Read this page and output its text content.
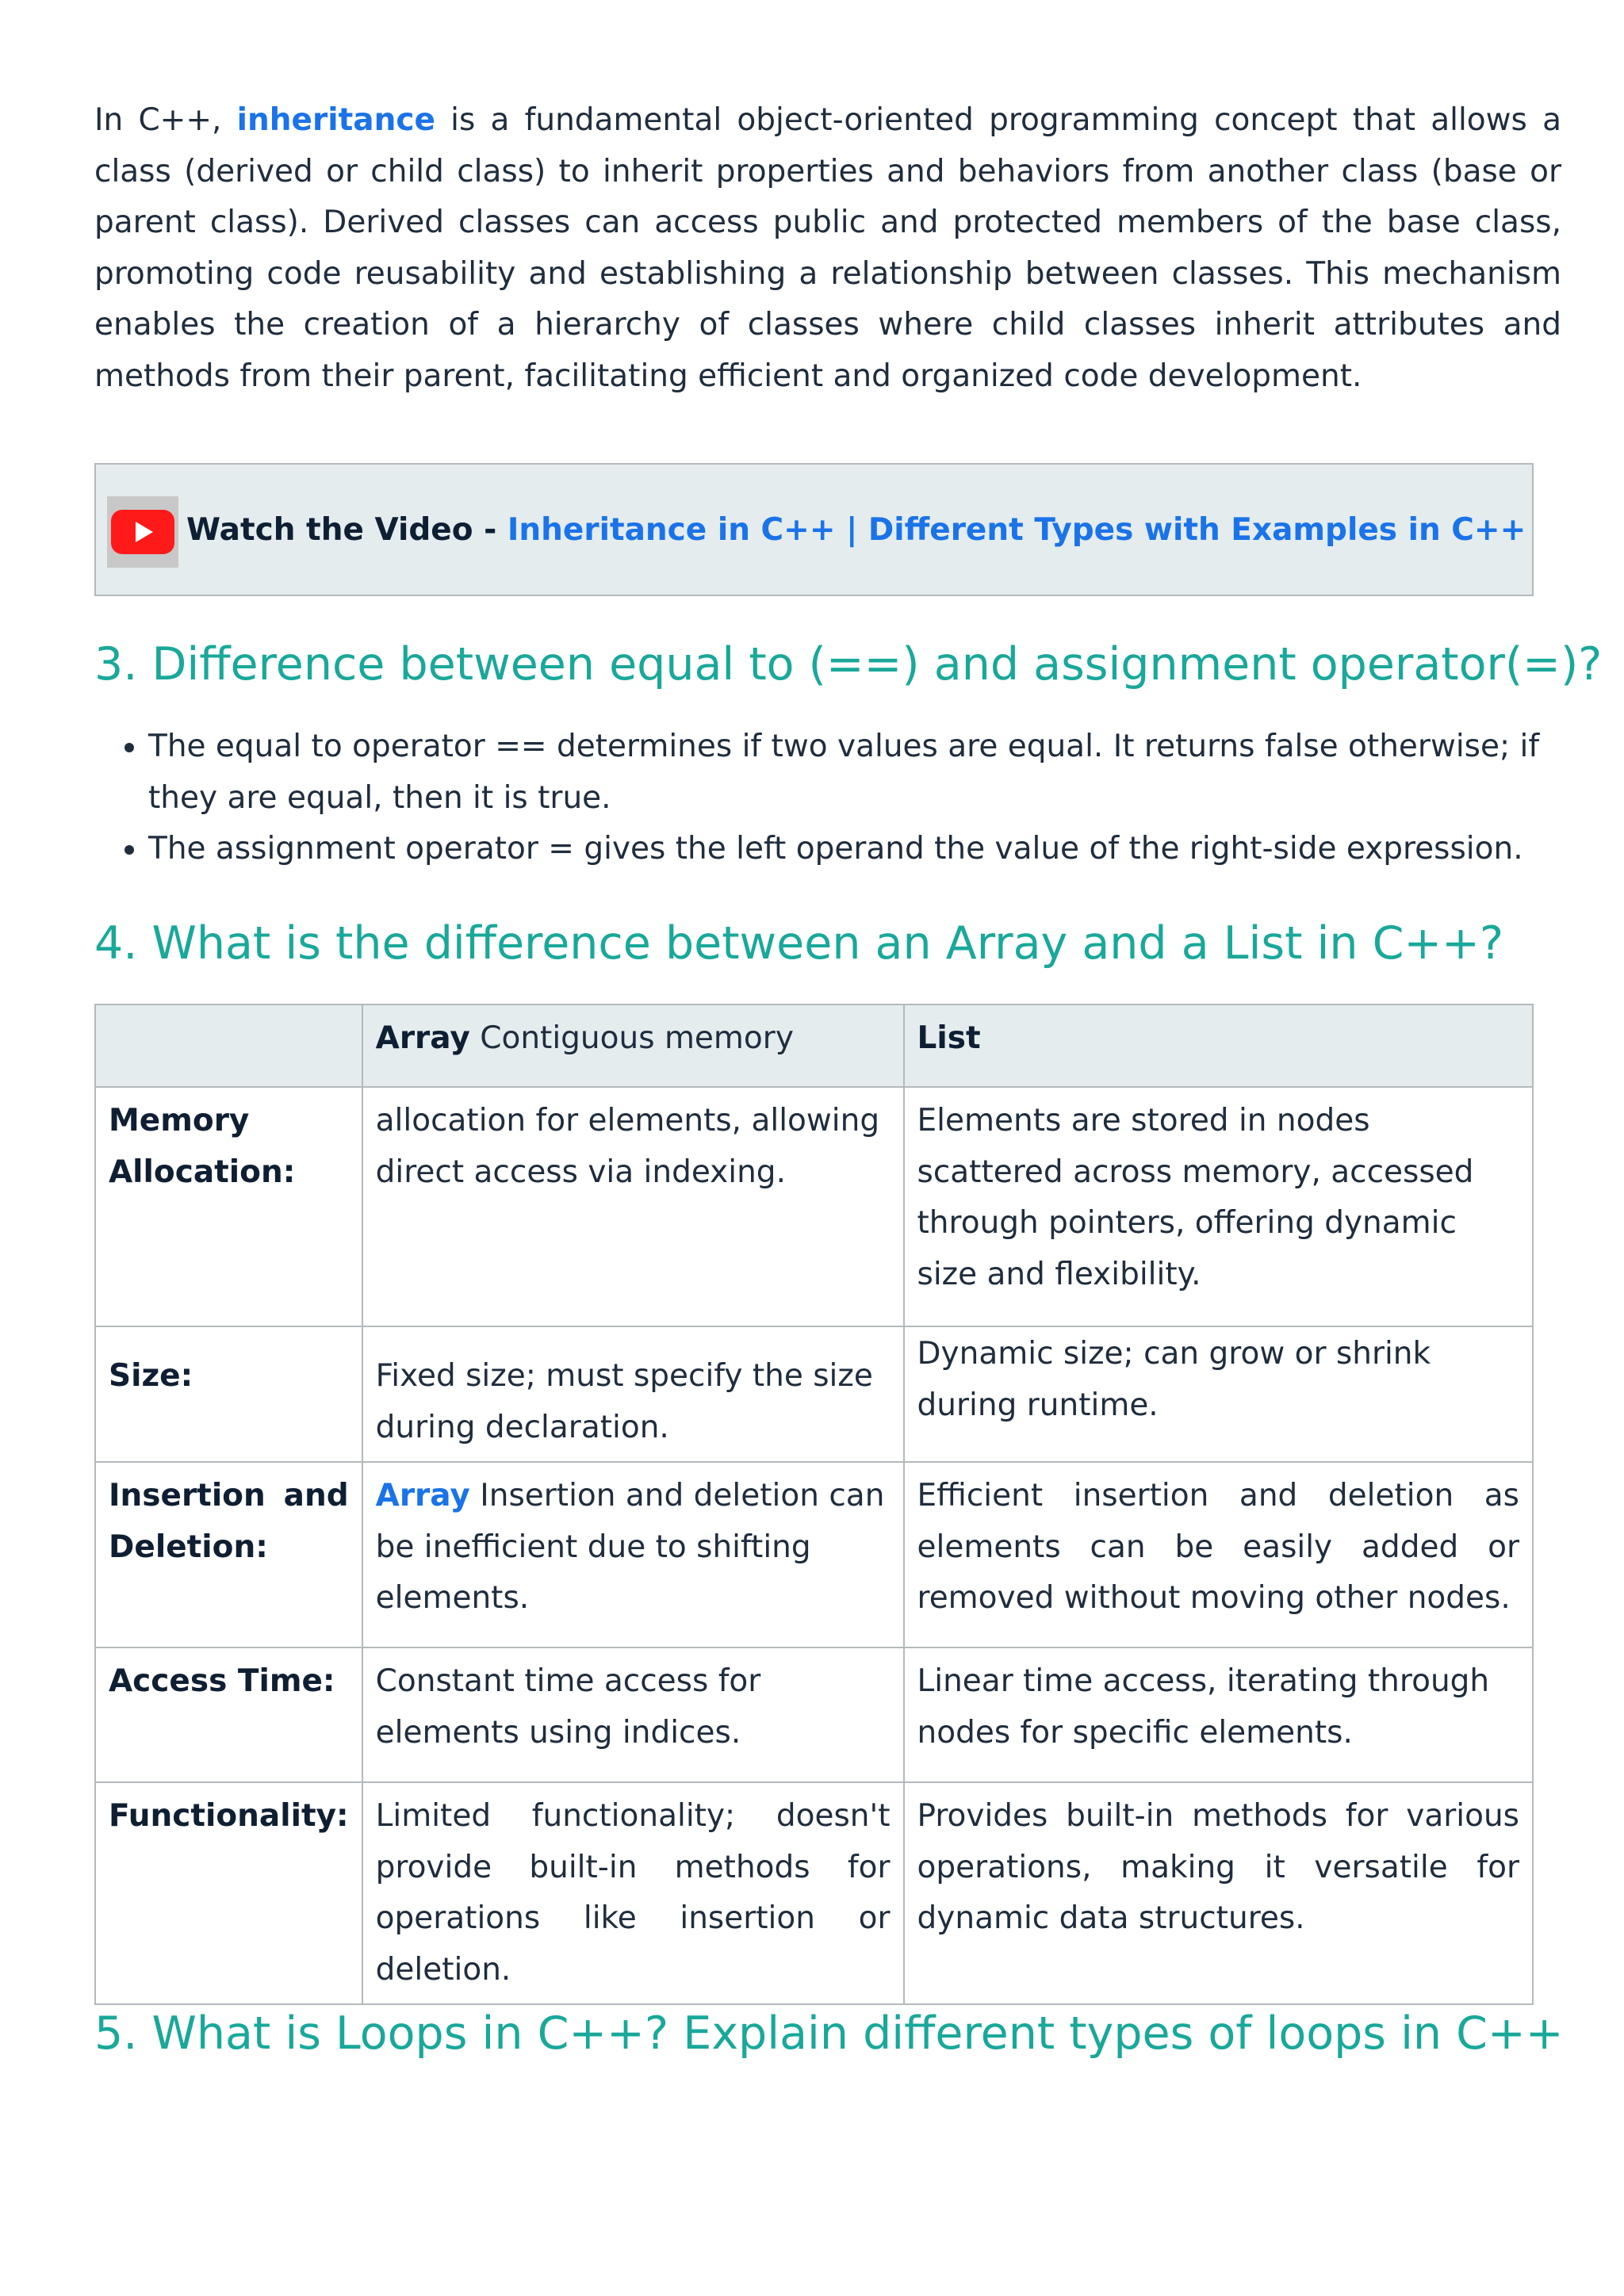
In C++, inheritance is a fundamental object-oriented programming concept that allows a class (derived or child class) to inherit properties and behaviors from another class (base or parent class). Derived classes can access public and protected members of the base class, promoting code reusability and establishing a relationship between classes. This mechanism enables the creation of a hierarchy of classes where child classes inherit attributes and methods from their parent, facilitating efficient and organized code development.

Watch the Video - Inheritance in C++ | Different Types with Examples in C++
3. Difference between equal to (==) and assignment operator(=)?
• The equal to operator == determines if two values are equal. It returns false otherwise; if they are equal, then it is true.
• The assignment operator = gives the left operand the value of the right-side expression.
4. What is the difference between an Array and a List in C++?
	Array Contiguous memory	List
Memory Allocation:	allocation for elements, allowing direct access via indexing.	Elements are stored in nodes scattered across memory, accessed through pointers, offering dynamic size and flexibility.
Size:	Fixed size; must specify the size during declaration.	Dynamic size; can grow or shrink during runtime.
Insertion and Deletion:	Array Insertion and deletion can be inefficient due to shifting elements.	Efficient insertion and deletion as elements can be easily added or removed without moving other nodes.
Access Time:	Constant time access for elements using indices.	Linear time access, iterating through nodes for specific elements.
Functionality:	Limited functionality; doesn't provide built-in methods for operations like insertion or deletion.	Provides built-in methods for various operations, making it versatile for dynamic data structures.
5. What is Loops in C++? Explain different types of loops in C++
